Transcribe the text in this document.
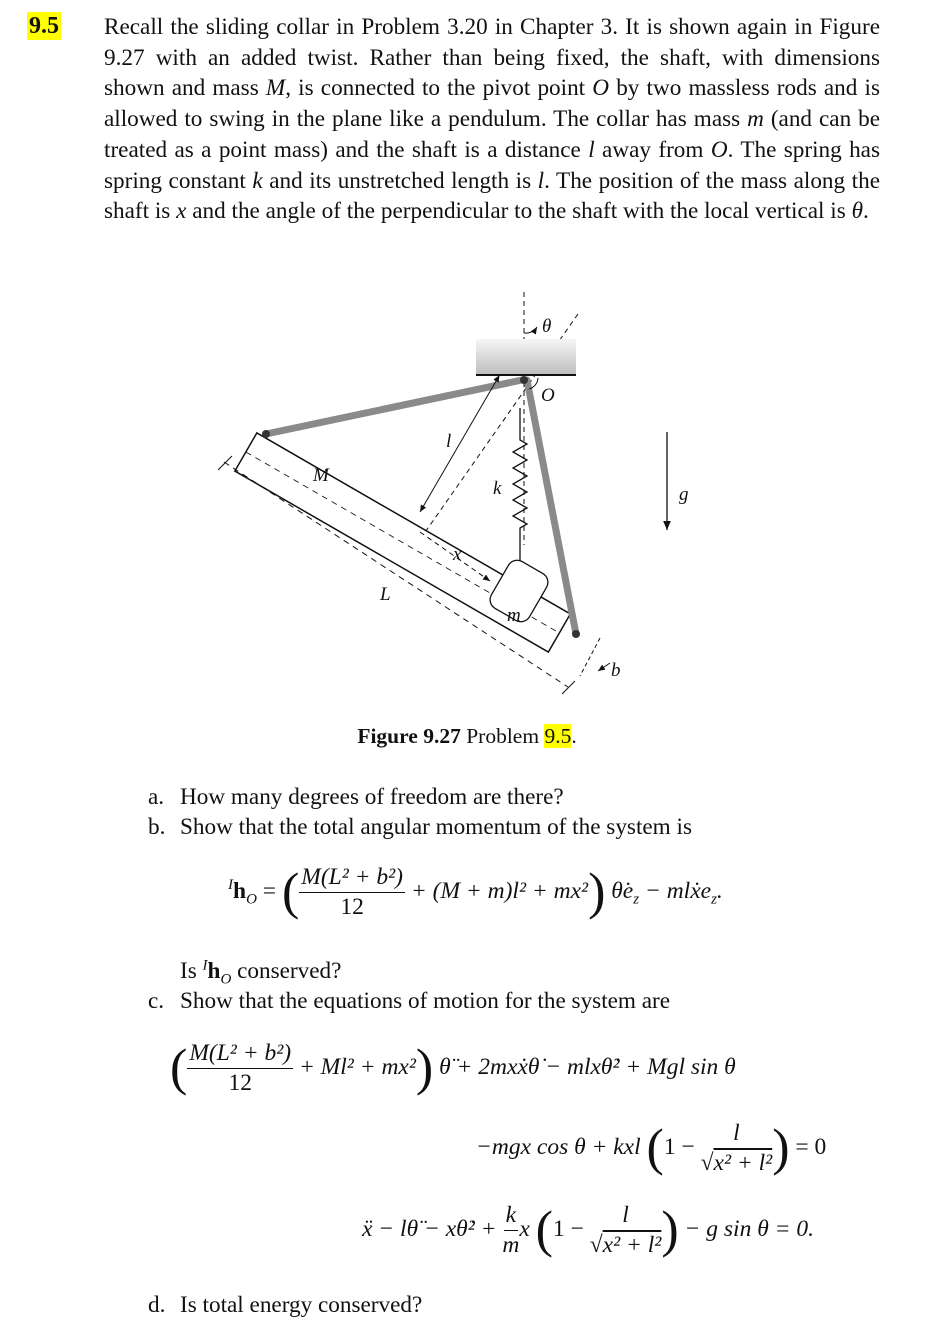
9.5 Recall the sliding collar in Problem 3.20 in Chapter 3. It is shown again in Figure 9.27 with an added twist. Rather than being fixed, the shaft, with dimensions shown and mass M, is connected to the pivot point O by two massless rods and is allowed to swing in the plane like a pendulum. The collar has mass m (and can be treated as a point mass) and the shaft is a distance l away from O. The spring has spring constant k and its unstretched length is l. The position of the mass along the shaft is x and the angle of the perpendicular to the shaft with the local vertical is θ.
θ
L
b
O
k
l
x
m
M
g
Figure 9.27 Problem 9.5.
a. How many degrees of freedom are there?
b. Show that the total angular momentum of the system is
$^Ih_O$ = ( $\frac{\text{M(L² + b²)}}{12} + (M + m)l^2 + mx^2$) $\thetȧe_z$ − mlẋe$_z$.
Is $^Ih_O$ conserved?
c. Show that the equations of motion for the system are
( $\frac{\text{M(L² + b²)}}{12} + Ml^2 + mx^2$) θ̈ + 2mxẋθ̇ − mlxθ̇² + Mgl sin θ
−mgx cos θ + kxl ($1 - \frac{l}{\text{√x² + l²}}$ ) = 0
ẍ − lθ̈ − xθ̇² + $\frac{k}{m}$ x ($1 - \frac{l}{\text{√x² + l²}}$ ) − g sin θ = 0.
d. Is total energy conserved?
